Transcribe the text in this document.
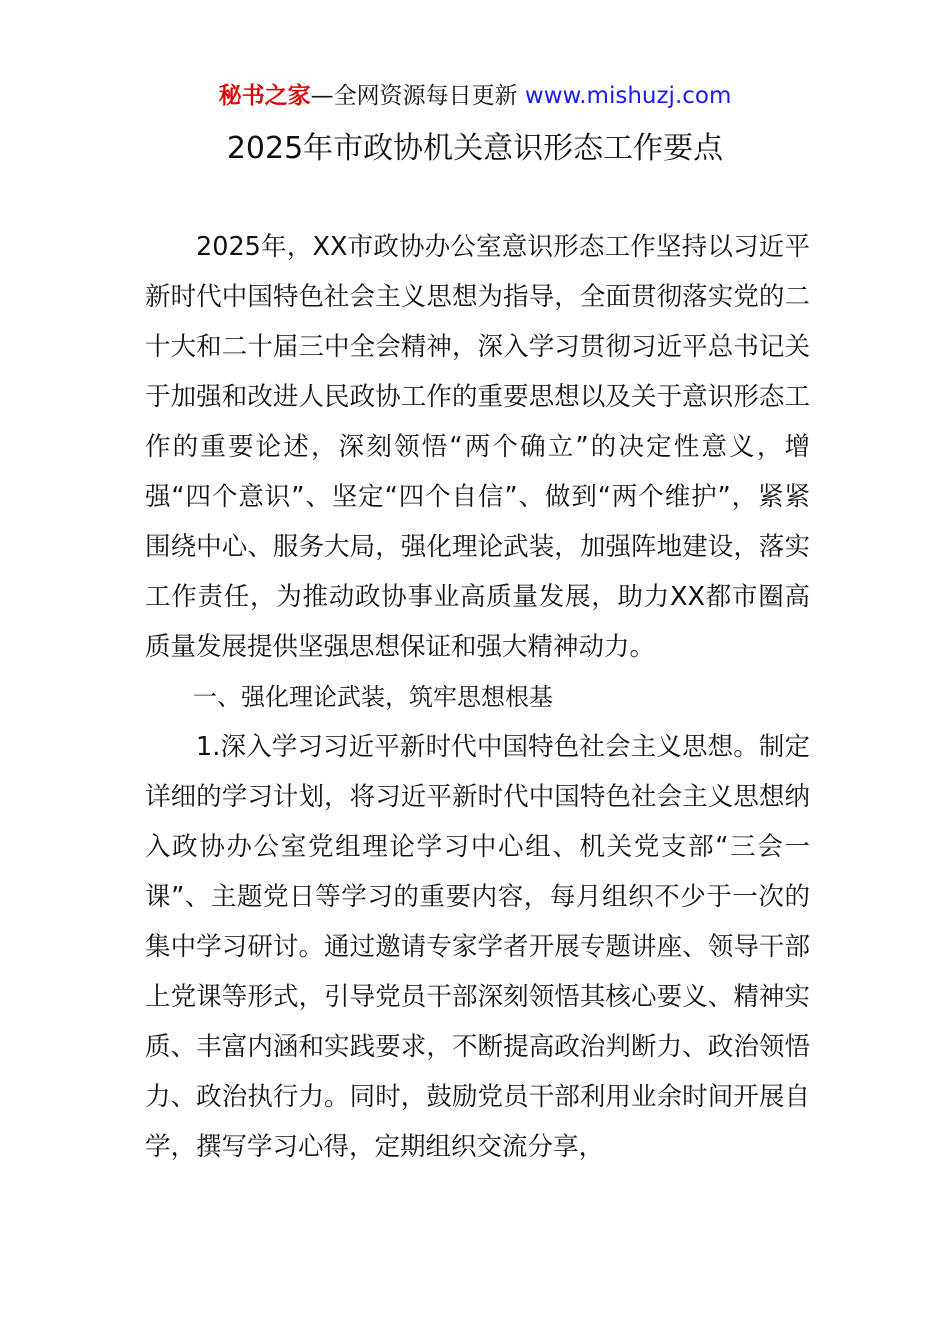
秘书之家—全网资源每日更新 www.mishuzj.com
2025年市政协机关意识形态工作要点

2025年，XX市政协办公室意识形态工作坚持以习近平新时代中国特色社会主义思想为指导，全面贯彻落实党的二十大和二十届三中全会精神，深入学习贯彻习近平总书记关于加强和改进人民政协工作的重要思想以及关于意识形态工作的重要论述，深刻领悟“两个确立”的决定性意义，增强“四个意识”、坚定“四个自信”、做到“两个维护”，紧紧围绕中心、服务大局，强化理论武装，加强阵地建设，落实工作责任，为推动政协事业高质量发展，助力XX都市圈高质量发展提供坚强思想保证和强大精神动力。

一、强化理论武装，筑牢思想根基

1.深入学习习近平新时代中国特色社会主义思想。制定详细的学习计划，将习近平新时代中国特色社会主义思想纳入政协办公室党组理论学习中心组、机关党支部“三会一课”、主题党日等学习的重要内容，每月组织不少于一次的集中学习研讨。通过邀请专家学者开展专题讲座、领导干部上党课等形式，引导党员干部深刻领悟其核心要义、精神实质、丰富内涵和实践要求，不断提高政治判断力、政治领悟力、政治执行力。同时，鼓励党员干部利用业余时间开展自学，撰写学习心得，定期组织交流分享，
